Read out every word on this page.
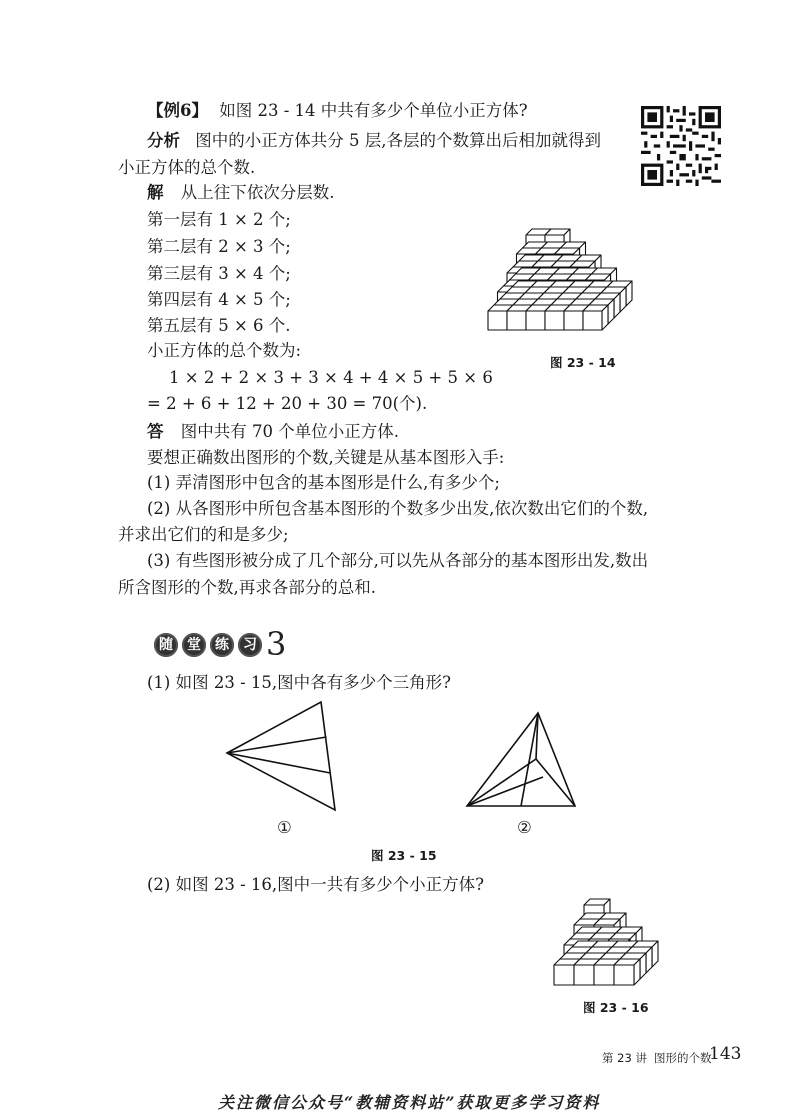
【例6】 如图 23 - 14 中共有多少个单位小正方体?
分析 图中的小正方体共分 5 层,各层的个数算出后相加就得到
小正方体的总个数.
解 从上往下依次分层数.
第一层有 1 × 2 个;
第二层有 2 × 3 个;
第三层有 3 × 4 个;
第四层有 4 × 5 个;
第五层有 5 × 6 个.
小正方体的总个数为:
1 × 2 + 2 × 3 + 3 × 4 + 4 × 5 + 5 × 6
= 2 + 6 + 12 + 20 + 30 = 70(个).
答 图中共有 70 个单位小正方体.
图 23 - 14
要想正确数出图形的个数,关键是从基本图形入手:
(1) 弄清图形中包含的基本图形是什么,有多少个;
(2) 从各图形中所包含基本图形的个数多少出发,依次数出它们的个数,
并求出它们的和是多少;
(3) 有些图形被分成了几个部分,可以先从各部分的基本图形出发,数出
所含图形的个数,再求各部分的总和.
随	堂	练	习 3
(1) 如图 23 - 15,图中各有多少个三角形?
①	②
图 23 - 15
(2) 如图 23 - 16,图中一共有多少个小正方体?
图 23 - 16
第 23 讲 图形的个数
143
关注微信公众号“教辅资料站”获取更多学习资料
